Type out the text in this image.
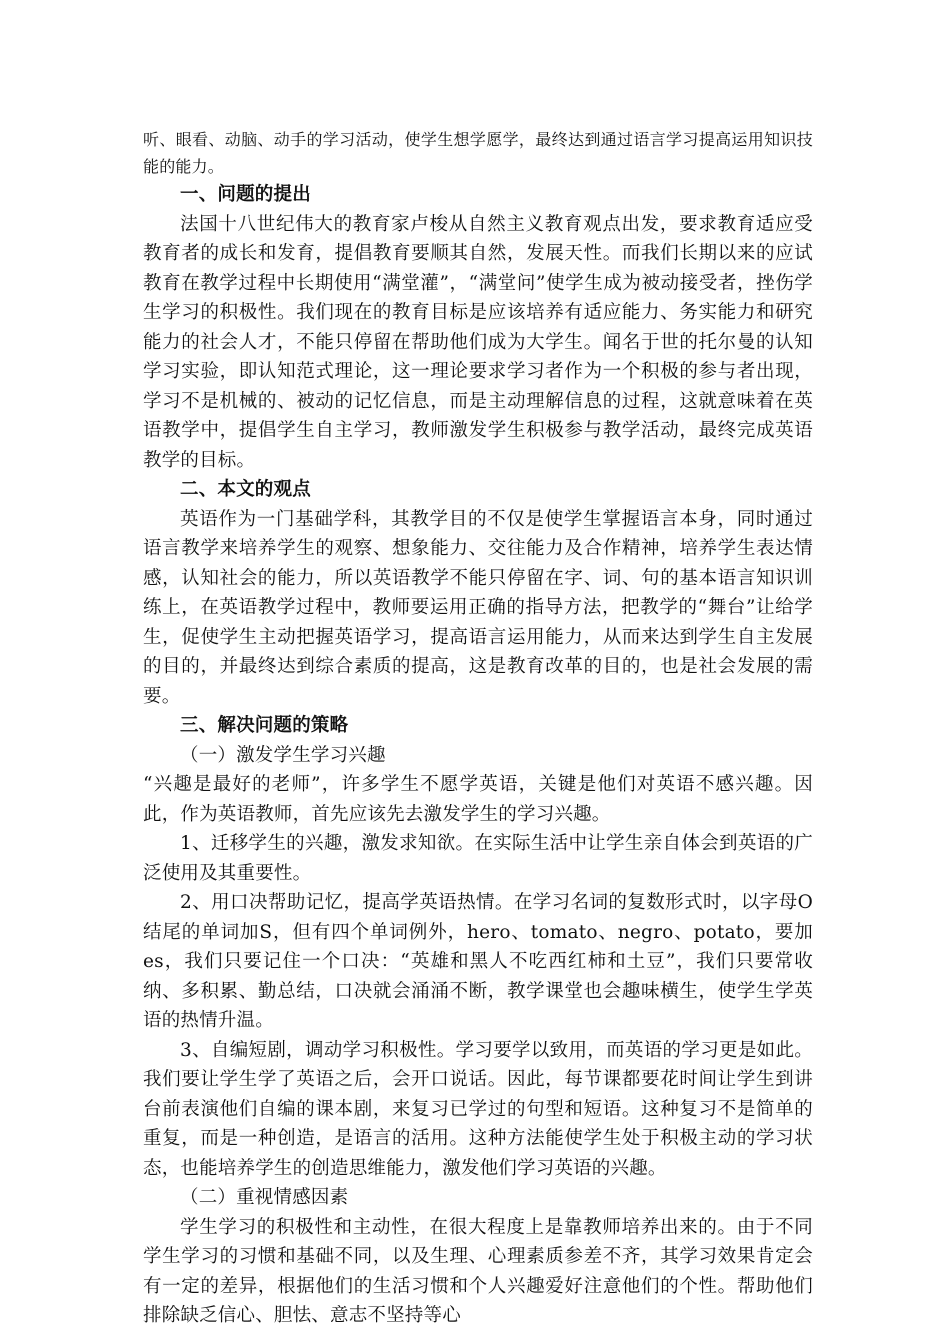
听、眼看、动脑、动手的学习活动，使学生想学愿学，最终达到通过语言学习提高运用知识技能的能力。

一、问题的提出

法国十八世纪伟大的教育家卢梭从自然主义教育观点出发，要求教育适应受教育者的成长和发育，提倡教育要顺其自然，发展天性。而我们长期以来的应试教育在教学过程中长期使用“满堂灌”，“满堂问”使学生成为被动接受者，挫伤学生学习的积极性。我们现在的教育目标是应该培养有适应能力、务实能力和研究能力的社会人才，不能只停留在帮助他们成为大学生。闻名于世的托尔曼的认知学习实验，即认知范式理论，这一理论要求学习者作为一个积极的参与者出现，学习不是机械的、被动的记忆信息，而是主动理解信息的过程，这就意味着在英语教学中，提倡学生自主学习，教师激发学生积极参与教学活动，最终完成英语教学的目标。

二、本文的观点

英语作为一门基础学科，其教学目的不仅是使学生掌握语言本身，同时通过语言教学来培养学生的观察、想象能力、交往能力及合作精神，培养学生表达情感，认知社会的能力，所以英语教学不能只停留在字、词、句的基本语言知识训练上，在英语教学过程中，教师要运用正确的指导方法，把教学的“舞台”让给学生，促使学生主动把握英语学习，提高语言运用能力，从而来达到学生自主发展的目的，并最终达到综合素质的提高，这是教育改革的目的，也是社会发展的需要。

三、解决问题的策略

（一）激发学生学习兴趣

“兴趣是最好的老师”，许多学生不愿学英语，关键是他们对英语不感兴趣。因此，作为英语教师，首先应该先去激发学生的学习兴趣。

1、迁移学生的兴趣，激发求知欲。在实际生活中让学生亲自体会到英语的广泛使用及其重要性。

2、用口决帮助记忆，提高学英语热情。在学习名词的复数形式时，以字母O结尾的单词加S，但有四个单词例外，hero、tomato、negro、potato，要加es，我们只要记住一个口决：“英雄和黑人不吃西红柿和土豆”，我们只要常收纳、多积累、勤总结，口决就会涌涌不断，教学课堂也会趣味横生，使学生学英语的热情升温。

3、自编短剧，调动学习积极性。学习要学以致用，而英语的学习更是如此。我们要让学生学了英语之后，会开口说话。因此，每节课都要花时间让学生到讲台前表演他们自编的课本剧，来复习已学过的句型和短语。这种复习不是简单的重复，而是一种创造，是语言的活用。这种方法能使学生处于积极主动的学习状态，也能培养学生的创造思维能力，激发他们学习英语的兴趣。

（二）重视情感因素

学生学习的积极性和主动性，在很大程度上是靠教师培养出来的。由于不同学生学习的习惯和基础不同，以及生理、心理素质参差不齐，其学习效果肯定会有一定的差异，根据他们的生活习惯和个人兴趣爱好注意他们的个性。帮助他们排除缺乏信心、胆怯、意志不坚持等心
